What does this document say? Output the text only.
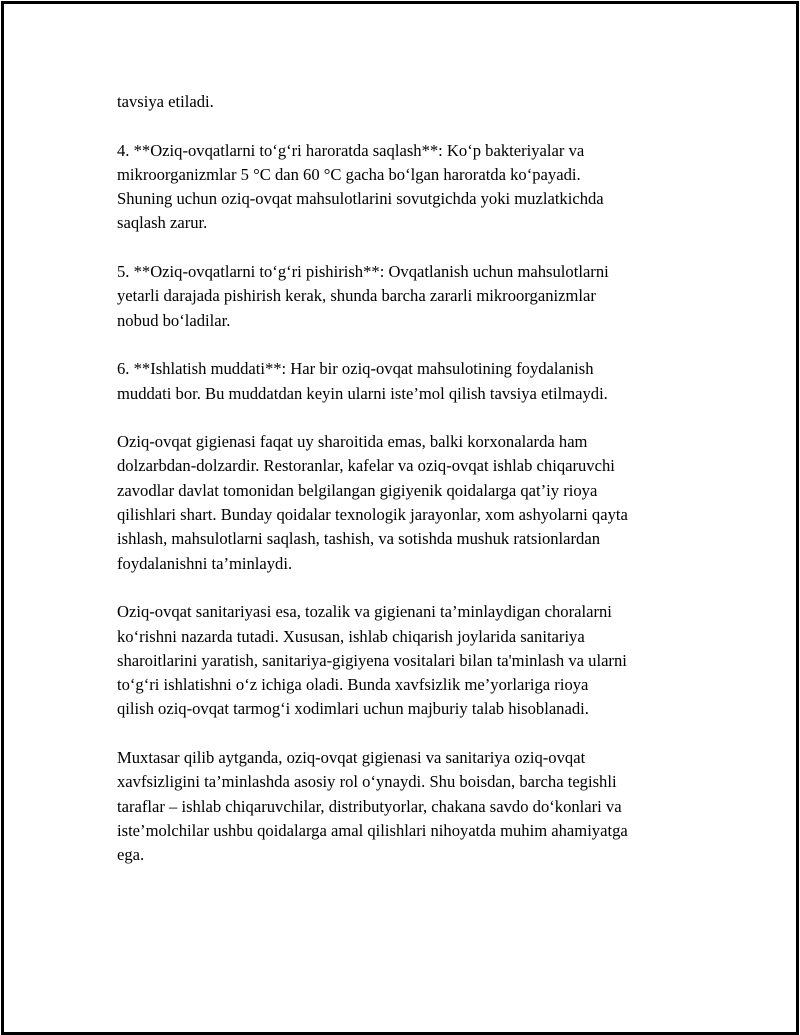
tavsiya etiladi.

4. **Oziq-ovqatlarni to‘g‘ri haroratda saqlash**: Ko‘p bakteriyalar va
mikroorganizmlar 5 °C dan 60 °C gacha bo‘lgan haroratda ko‘payadi.
Shuning uchun oziq-ovqat mahsulotlarini sovutgichda yoki muzlatkichda
saqlash zarur.

5. **Oziq-ovqatlarni to‘g‘ri pishirish**: Ovqatlanish uchun mahsulotlarni
yetarli darajada pishirish kerak, shunda barcha zararli mikroorganizmlar
nobud bo‘ladilar.

6. **Ishlatish muddati**: Har bir oziq-ovqat mahsulotining foydalanish
muddati bor. Bu muddatdan keyin ularni iste’mol qilish tavsiya etilmaydi.

Oziq-ovqat gigienasi faqat uy sharoitida emas, balki korxonalarda ham
dolzarbdan-dolzardir. Restoranlar, kafelar va oziq-ovqat ishlab chiqaruvchi
zavodlar davlat tomonidan belgilangan gigiyenik qoidalarga qat’iy rioya
qilishlari shart. Bunday qoidalar texnologik jarayonlar, xom ashyolarni qayta
ishlash, mahsulotlarni saqlash, tashish, va sotishda mushuk ratsionlardan
foydalanishni ta’minlaydi.

Oziq-ovqat sanitariyasi esa, tozalik va gigienani ta’minlaydigan choralarni
ko‘rishni nazarda tutadi. Xususan, ishlab chiqarish joylarida sanitariya
sharoitlarini yaratish, sanitariya-gigiyena vositalari bilan ta'minlash va ularni
to‘g‘ri ishlatishni o‘z ichiga oladi. Bunda xavfsizlik me’yorlariga rioya
qilish oziq-ovqat tarmog‘i xodimlari uchun majburiy talab hisoblanadi.

Muxtasar qilib aytganda, oziq-ovqat gigienasi va sanitariya oziq-ovqat
xavfsizligini ta’minlashda asosiy rol o‘ynaydi. Shu boisdan, barcha tegishli
taraflar – ishlab chiqaruvchilar, distributyorlar, chakana savdo do‘konlari va
iste’molchilar ushbu qoidalarga amal qilishlari nihoyatda muhim ahamiyatga
ega.
